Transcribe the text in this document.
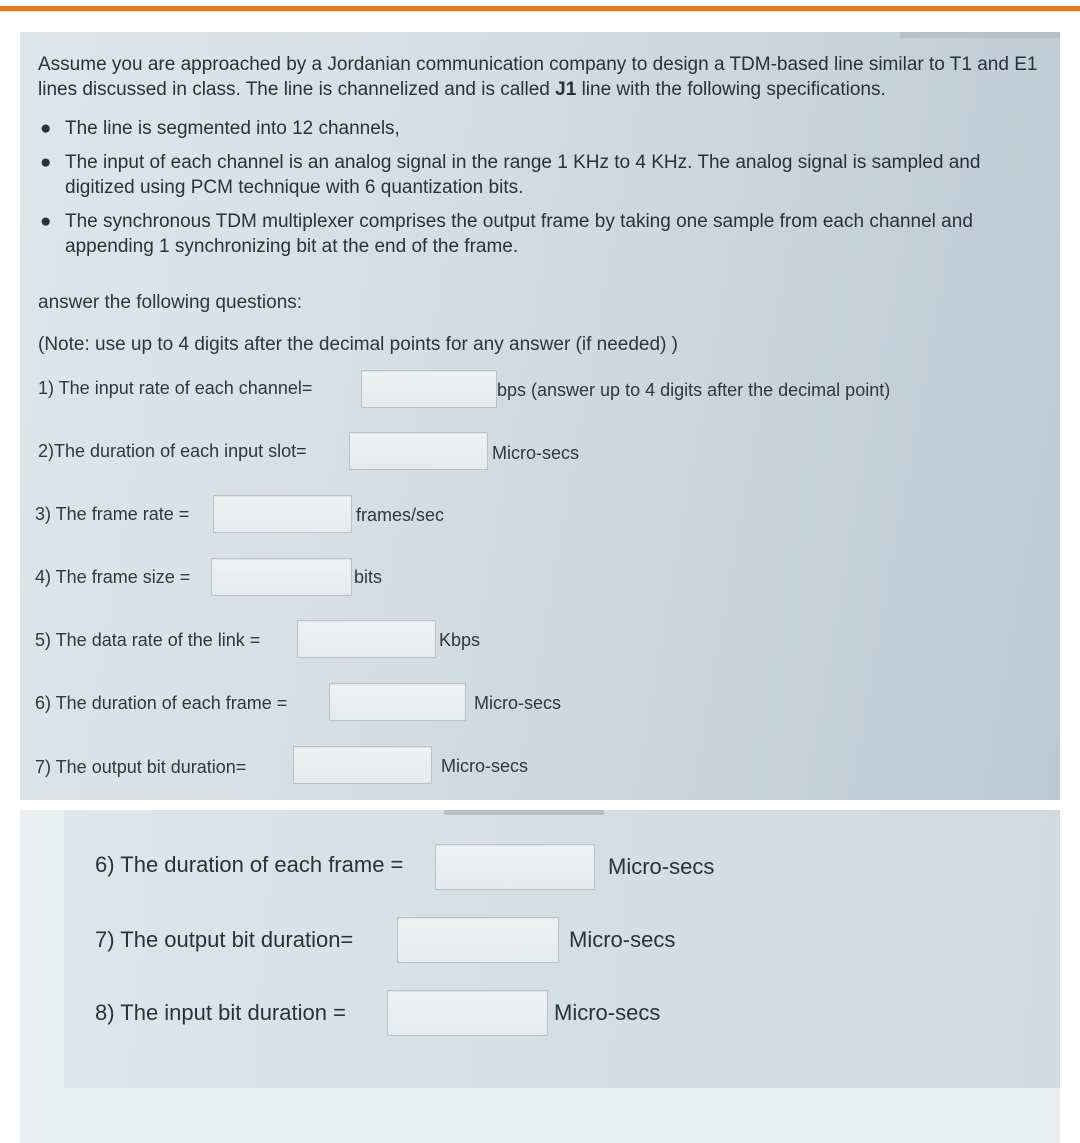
Assume you are approached by a Jordanian communication company to design a TDM-based line similar to T1 and E1 lines discussed in class. The line is channelized and is called J1 line with the following specifications.
● The line is segmented into 12 channels,
● The input of each channel is an analog signal in the range 1 KHz to 4 KHz. The analog signal is sampled and digitized using PCM technique with 6 quantization bits.
● The synchronous TDM multiplexer comprises the output frame by taking one sample from each channel and appending 1 synchronizing bit at the end of the frame.
answer the following questions:
(Note: use up to 4 digits after the decimal points for any answer (if needed) )
1) The input rate of each channel=	bps (answer up to 4 digits after the decimal point)
2)The duration of each input slot=	Micro-secs
3) The frame rate =	frames/sec
4) The frame size =	bits
5) The data rate of the link =	Kbps
6) The duration of each frame =	Micro-secs
7) The output bit duration=	Micro-secs
6) The duration of each frame =	Micro-secs
7) The output bit duration=	Micro-secs
8) The input bit duration =	Micro-secs
